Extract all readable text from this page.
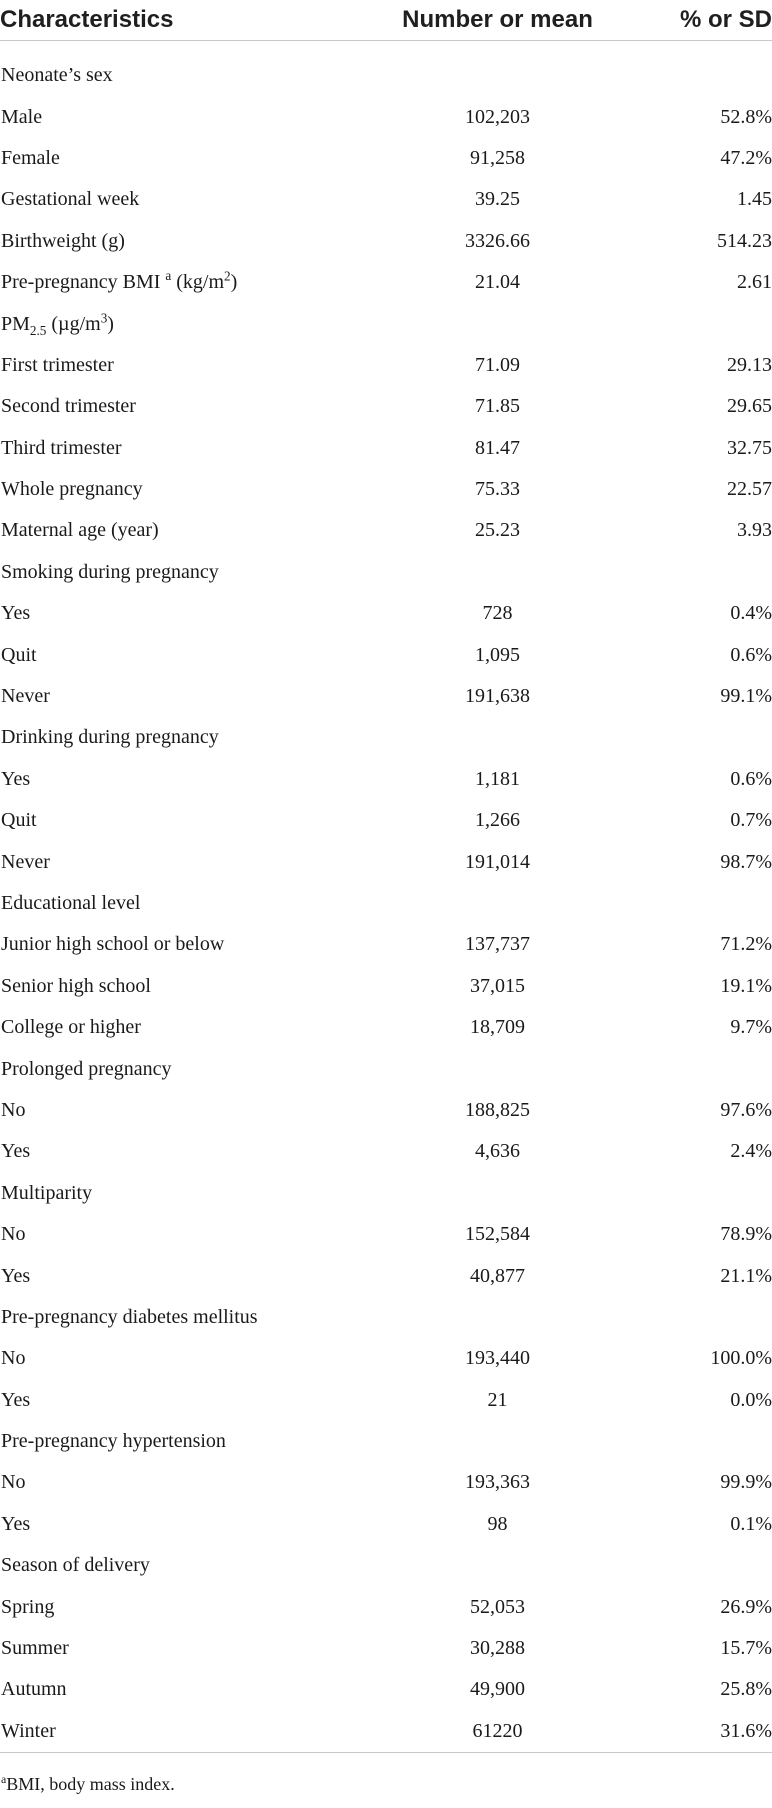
Characteristics	Number or mean	% or SD
Neonate’s sex		
Male	102,203	52.8%
Female	91,258	47.2%
Gestational week	39.25	1.45
Birthweight (g)	3326.66	514.23
Pre-pregnancy BMI $^a$ $(kg/m^2)$	21.04	2.61
$PM_{2.5}$ $(\mu g/m^3)$		
First trimester	71.09	29.13
Second trimester	71.85	29.65
Third trimester	81.47	32.75
Whole pregnancy	75.33	22.57
Maternal age (year)	25.23	3.93
Smoking during pregnancy		
Yes	728	0.4%
Quit	1,095	0.6%
Never	191,638	99.1%
Drinking during pregnancy		
Yes	1,181	0.6%
Quit	1,266	0.7%
Never	191,014	98.7%
Educational level		
Junior high school or below	137,737	71.2%
Senior high school	37,015	19.1%
College or higher	18,709	9.7%
Prolonged pregnancy		
No	188,825	97.6%
Yes	4,636	2.4%
Multiparity		
No	152,584	78.9%
Yes	40,877	21.1%
Pre-pregnancy diabetes mellitus		
No	193,440	100.0%
Yes	21	0.0%
Pre-pregnancy hypertension		
No	193,363	99.9%
Yes	98	0.1%
Season of delivery		
Spring	52,053	26.9%
Summer	30,288	15.7%
Autumn	49,900	25.8%
Winter	61220	31.6%
$^a$BMI, body mass index.
